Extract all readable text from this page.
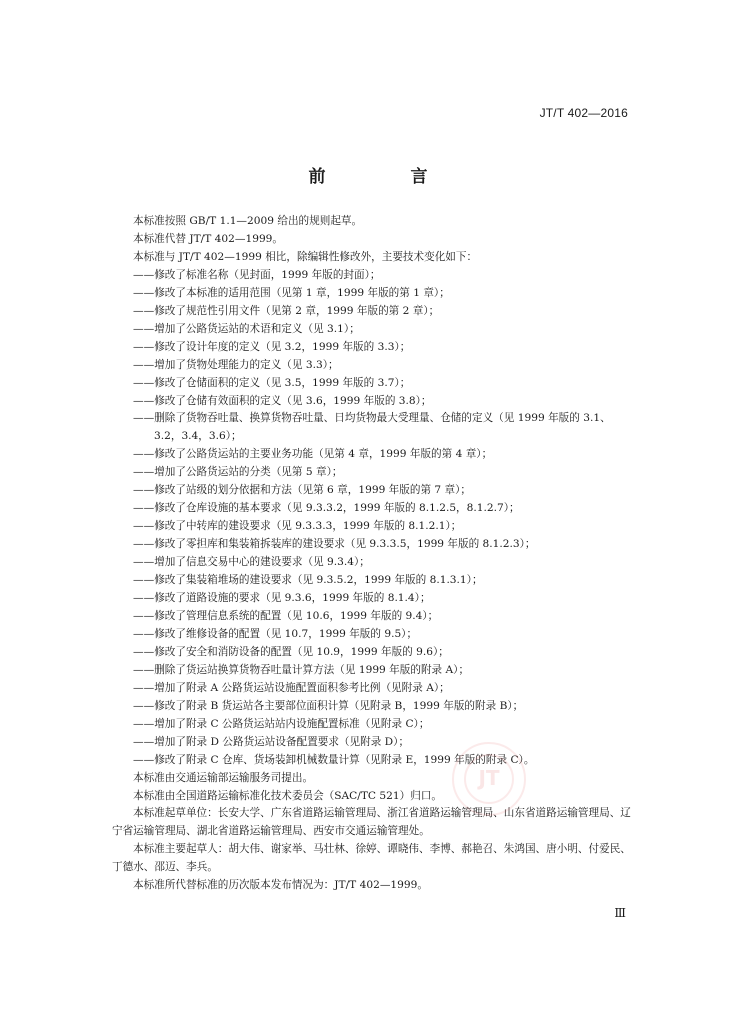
JT/T 402—2016
前　言
本标准按照 GB/T 1.1—2009 给出的规则起草。
本标准代替 JT/T 402—1999。
本标准与 JT/T 402—1999 相比，除编辑性修改外，主要技术变化如下：
——修改了标准名称（见封面，1999 年版的封面）；
——修改了本标准的适用范围（见第 1 章，1999 年版的第 1 章）；
——修改了规范性引用文件（见第 2 章，1999 年版的第 2 章）；
——增加了公路货运站的术语和定义（见 3.1）；
——修改了设计年度的定义（见 3.2，1999 年版的 3.3）；
——增加了货物处理能力的定义（见 3.3）；
——修改了仓储面积的定义（见 3.5，1999 年版的 3.7）；
——修改了仓储有效面积的定义（见 3.6，1999 年版的 3.8）；
——删除了货物吞吐量、换算货物吞吐量、日均货物最大受理量、仓储的定义（见 1999 年版的 3.1、
3.2，3.4，3.6）；
——修改了公路货运站的主要业务功能（见第 4 章，1999 年版的第 4 章）；
——增加了公路货运站的分类（见第 5 章）；
——修改了站级的划分依据和方法（见第 6 章，1999 年版的第 7 章）；
——修改了仓库设施的基本要求（见 9.3.3.2，1999 年版的 8.1.2.5，8.1.2.7）；
——修改了中转库的建设要求（见 9.3.3.3，1999 年版的 8.1.2.1）；
——修改了零担库和集装箱拆装库的建设要求（见 9.3.3.5，1999 年版的 8.1.2.3）；
——增加了信息交易中心的建设要求（见 9.3.4）；
——修改了集装箱堆场的建设要求（见 9.3.5.2，1999 年版的 8.1.3.1）；
——修改了道路设施的要求（见 9.3.6，1999 年版的 8.1.4）；
——修改了管理信息系统的配置（见 10.6，1999 年版的 9.4）；
——修改了维修设备的配置（见 10.7，1999 年版的 9.5）；
——修改了安全和消防设备的配置（见 10.9，1999 年版的 9.6）；
——删除了货运站换算货物吞吐量计算方法（见 1999 年版的附录 A）；
——增加了附录 A 公路货运站设施配置面积参考比例（见附录 A）；
——修改了附录 B 货运站各主要部位面积计算（见附录 B，1999 年版的附录 B）；
——增加了附录 C 公路货运站站内设施配置标准（见附录 C）；
——增加了附录 D 公路货运站设备配置要求（见附录 D）；
——修改了附录 C 仓库、货场装卸机械数量计算（见附录 E，1999 年版的附录 C）。
本标准由交通运输部运输服务司提出。
本标准由全国道路运输标准化技术委员会（SAC/TC 521）归口。
本标准起草单位：长安大学、广东省道路运输管理局、浙江省道路运输管理局、山东省道路运输管理局、辽宁省运输管理局、湖北省道路运输管理局、西安市交通运输管理处。
本标准主要起草人：胡大伟、谢家举、马壮林、徐婷、谭晓伟、李博、郝艳召、朱鸿国、唐小明、付爱民、丁德水、邵迈、李兵。
本标准所代替标准的历次版本发布情况为：JT/T 402—1999。
JT
Ⅲ
